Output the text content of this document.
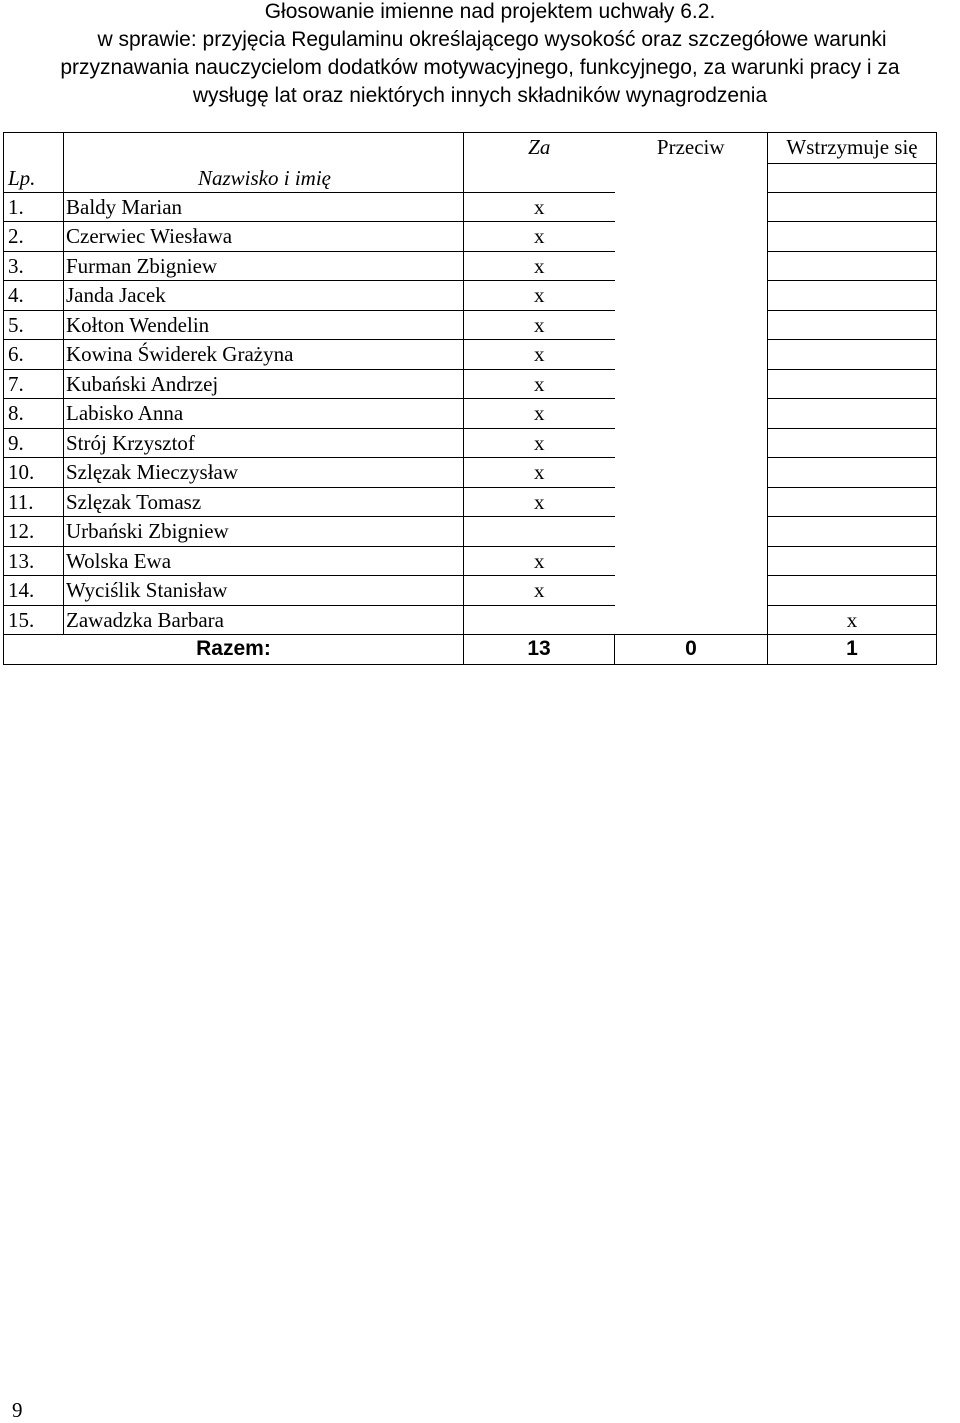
Głosowanie imienne nad projektem uchwały 6.2.
w sprawie: przyjęcia Regulaminu określającego wysokość oraz szczegółowe warunki
przyznawania nauczycielom dodatków motywacyjnego, funkcyjnego, za warunki pracy i za
wysługę lat oraz niektórych innych składników wynagrodzenia
		Za	Przeciw	Wstrzymuje się
Lp.	Nazwisko i imię			
1.	Baldy Marian	x		
2.	Czerwiec Wiesława	x		
3.	Furman Zbigniew	x		
4.	Janda Jacek	x		
5.	Kołton Wendelin	x		
6.	Kowina Świderek Grażyna	x		
7.	Kubański Andrzej	x		
8.	Labisko Anna	x		
9.	Strój Krzysztof	x		
10.	Szlęzak Mieczysław	x		
11.	Szlęzak Tomasz	x		
12.	Urbański Zbigniew			
13.	Wolska Ewa	x		
14.	Wyciślik Stanisław	x		
15.	Zawadzka Barbara			x
Razem:		13	0	1
9
